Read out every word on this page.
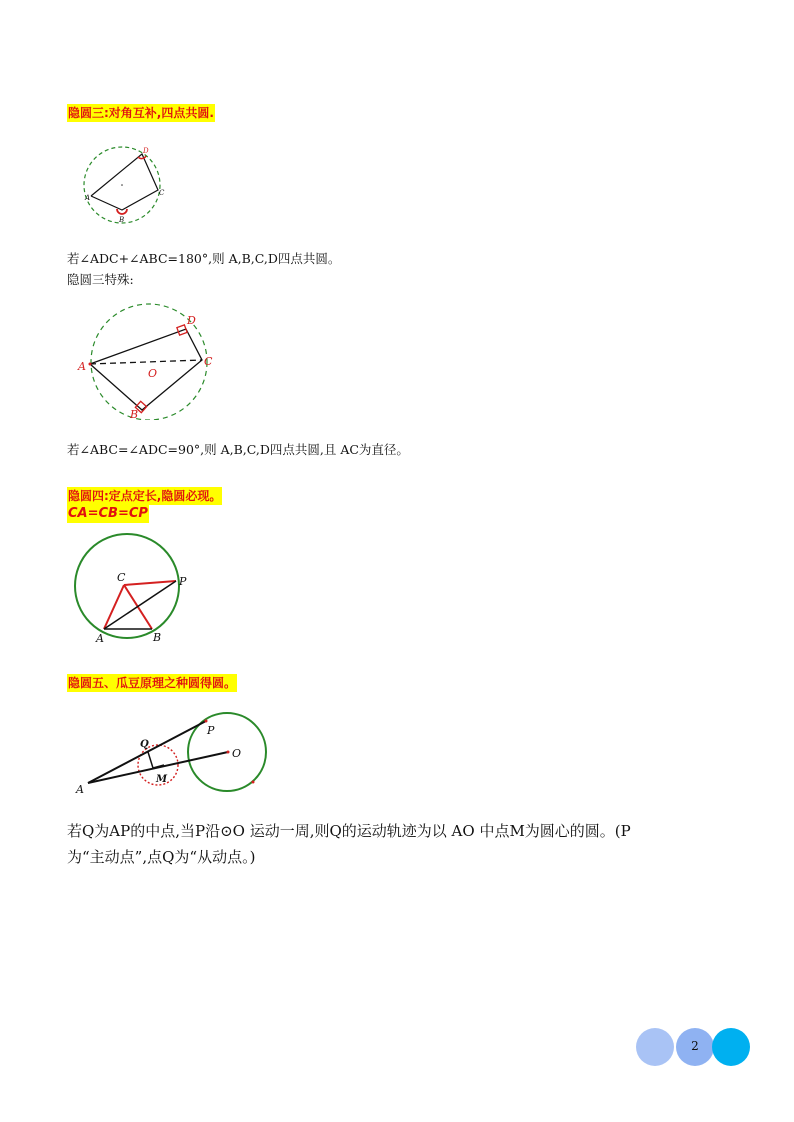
隐圆三:对角互补,四点共圆.
D
A
C
B
若∠ADC+∠ABC=180°,则 A,B,C,D四点共圆。
隐圆三特殊:
D
A	C
O
B
若∠ABC=∠ADC=90°,则 A,B,C,D四点共圆,且 AC为直径。
隐圆四:定点定长,隐圆必现。
CA=CB=CP
C	P
A	B
隐圆五、瓜豆原理之种圆得圆。
Q
P
O
M
A
若Q为AP的中点,当P沿⊙O 运动一周,则Q的运动轨迹为以 AO 中点M为圆心的圆。(P
为“主动点”,点Q为“从动点。)
2
